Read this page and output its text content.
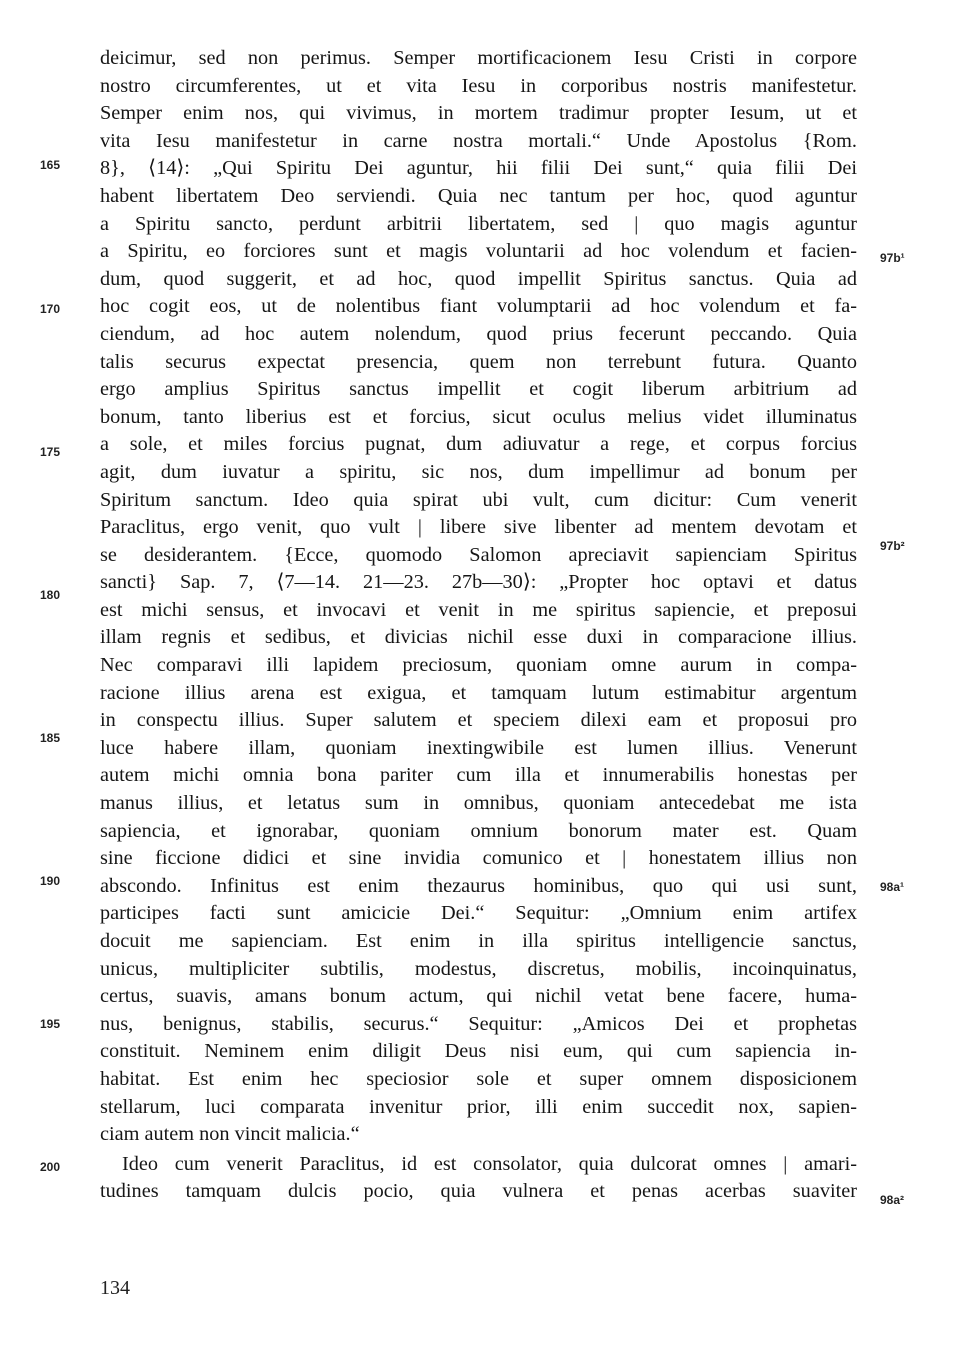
deicimur, sed non perimus. Semper mortificacionem Iesu Cristi in corpore
nostro circumferentes, ut et vita Iesu in corporibus nostris manifestetur.
Semper enim nos, qui vivimus, in mortem tradimur propter Iesum, ut et
vita Iesu manifestetur in carne nostra mortali.“ Unde Apostolus {Rom.
8}, ⟨14⟩: „Qui Spiritu Dei aguntur, hii filii Dei sunt,“ quia filii Dei
habent libertatem Deo serviendi. Quia nec tantum per hoc, quod aguntur
a Spiritu sancto, perdunt arbitrii libertatem, sed | quo magis aguntur
a Spiritu, eo forciores sunt et magis voluntarii ad hoc volendum et facien-
dum, quod suggerit, et ad hoc, quod impellit Spiritus sanctus. Quia ad
hoc cogit eos, ut de nolentibus fiant volumptarii ad hoc volendum et fa-
ciendum, ad hoc autem nolendum, quod prius fecerunt peccando. Quia
talis securus expectat presencia, quem non terrebunt futura. Quanto
ergo amplius Spiritus sanctus impellit et cogit liberum arbitrium ad
bonum, tanto liberius est et forcius, sicut oculus melius videt illuminatus
a sole, et miles forcius pugnat, dum adiuvatur a rege, et corpus forcius
agit, dum iuvatur a spiritu, sic nos, dum impellimur ad bonum per
Spiritum sanctum. Ideo quia spirat ubi vult, cum dicitur: Cum venerit
Paraclitus, ergo venit, quo vult | libere sive libenter ad mentem devotam et
se desiderantem. {Ecce, quomodo Salomon apreciavit sapienciam Spiritus
sancti} Sap. 7, ⟨7—14. 21—23. 27b—30⟩: „Propter hoc optavi et datus
est michi sensus, et invocavi et venit in me spiritus sapiencie, et preposui
illam regnis et sedibus, et divicias nichil esse duxi in comparacione illius.
Nec comparavi illi lapidem preciosum, quoniam omne aurum in compa-
racione illius arena est exigua, et tamquam lutum estimabitur argentum
in conspectu illius. Super salutem et speciem dilexi eam et proposui pro
luce habere illam, quoniam inextingwibile est lumen illius. Venerunt
autem michi omnia bona pariter cum illa et innumerabilis honestas per
manus illius, et letatus sum in omnibus, quoniam antecedebat me ista
sapiencia, et ignorabar, quoniam omnium bonorum mater est. Quam
sine ficcione didici et sine invidia comunico et | honestatem illius non
abscondo. Infinitus est enim thezaurus hominibus, quo qui usi sunt,
participes facti sunt amicicie Dei.“ Sequitur: „Omnium enim artifex
docuit me sapienciam. Est enim in illa spiritus intelligencie sanctus,
unicus, multipliciter subtilis, modestus, discretus, mobilis, incoinquinatus,
certus, suavis, amans bonum actum, qui nichil vetat bene facere, huma-
nus, benignus, stabilis, securus.“ Sequitur: „Amicos Dei et prophetas
constituit. Neminem enim diligit Deus nisi eum, qui cum sapiencia in-
habitat. Est enim hec speciosior sole et super omnem disposicionem
stellarum, luci comparata invenitur prior, illi enim succedit nox, sapien-
ciam autem non vincit malicia.“
Ideo cum venerit Paraclitus, id est consolator, quia dulcorat omnes | amari-
tudines tamquam dulcis pocio, quia vulnera et penas acerbas suaviter
165
170
175
180
185
190
195
200
97b¹
97b²
98a¹
98a²
134
